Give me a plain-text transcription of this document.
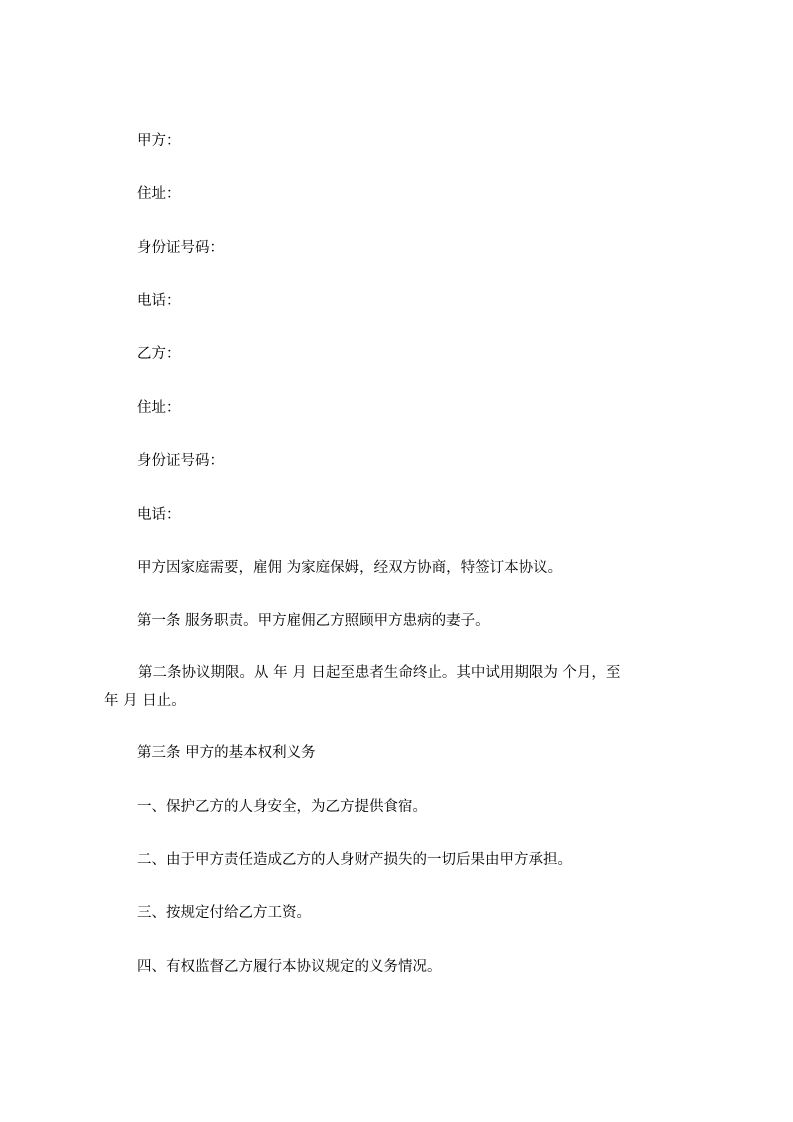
甲方：

住址：

身份证号码：

电话：

乙方：

住址：

身份证号码：

电话：

甲方因家庭需要，雇佣 为家庭保姆，经双方协商，特签订本协议。

第一条 服务职责。甲方雇佣乙方照顾甲方患病的妻子。

第二条协议期限。从 年 月 日起至患者生命终止。其中试用期限为 个月，至
年 月 日止。

第三条 甲方的基本权利义务

一、保护乙方的人身安全，为乙方提供食宿。

二、由于甲方责任造成乙方的人身财产损失的一切后果由甲方承担。

三、按规定付给乙方工资。

四、有权监督乙方履行本协议规定的义务情况。
